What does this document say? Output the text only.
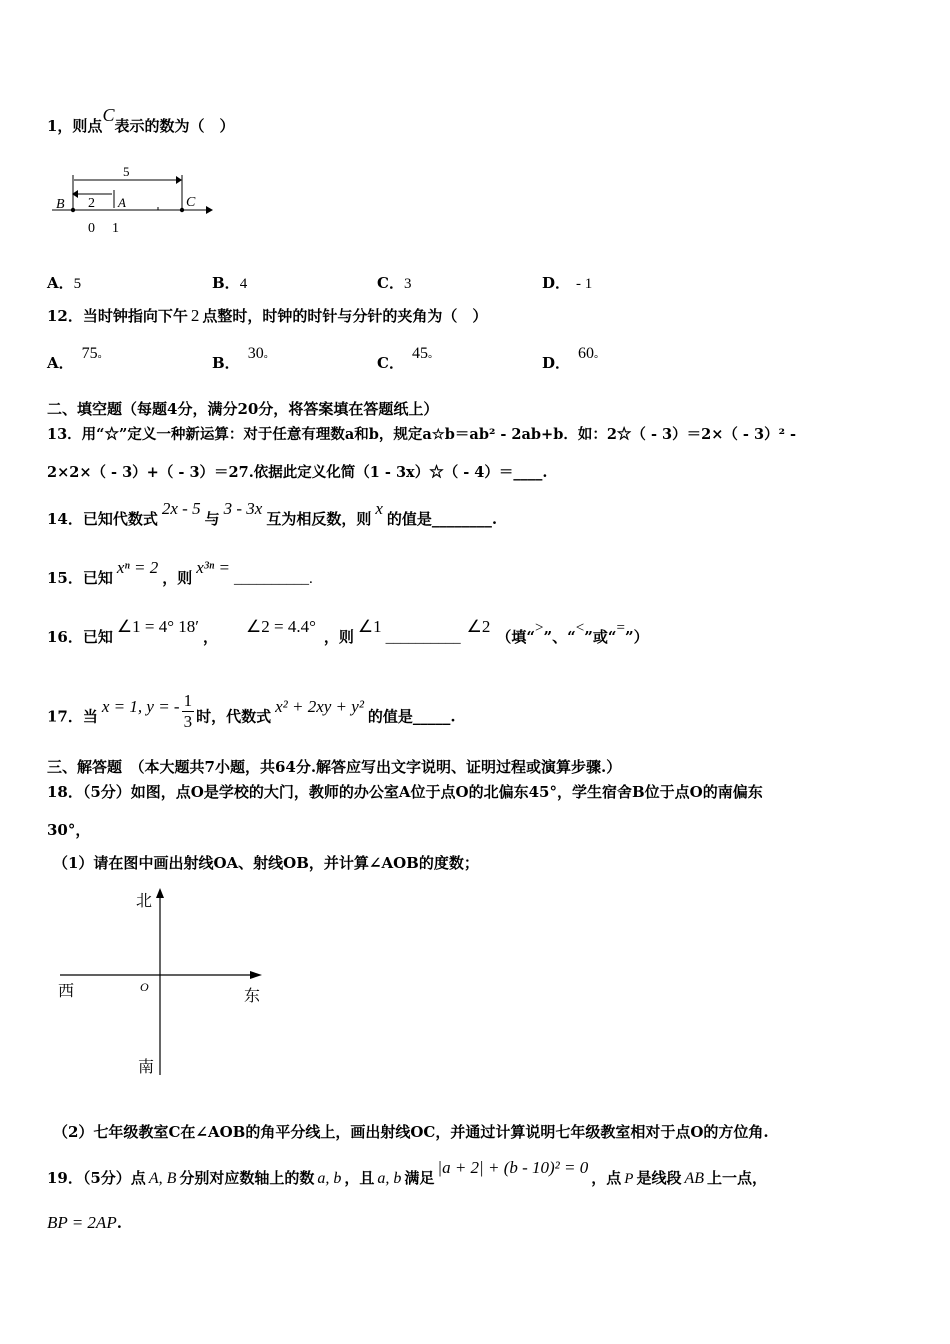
1，则点C表示的数为（　）
5
2
B	A	C
0 1
A．5	B．4	C．3	D． - 1
12．当时钟指向下午 2 点整时，时钟的时针与分针的夹角为（　）
A．75°	B．30°	C．45°	D．60°
二、填空题（每题4分，满分20分，将答案填在答题纸上）
13．用“☆”定义一种新运算：对于任意有理数a和b，规定a☆b＝ab² - 2ab+b．如：2☆（ - 3）＝2×（ - 3）² -
2×2×（ - 3）+（ - 3）＝27.依据此定义化简（1 - 3x）☆（ - 4）＝____.
14．已知代数式2x - 5与3 - 3x互为相反数，则x的值是________.
15．已知xⁿ = 2，则x³ⁿ =__________.
16．已知∠1 = 4° 18′，∠2 = 4.4°，则∠1__________∠2（填“>”、“<”或“=”）
17．当x = 1, y = - $\frac{1}{3}$ 时，代数式x² + 2xy + y²的值是_____.
三、解答题　（本大题共7小题，共64分.解答应写出文字说明、证明过程或演算步骤.）
18．（5分）如图，点O是学校的大门，教师的办公室A位于点O的北偏东45°，学生宿舍B位于点O的南偏东
30°，
（1）请在图中画出射线OA、射线OB，并计算∠AOB的度数；
北
南
东
西	O
（2）七年级教室C在∠AOB的角平分线上，画出射线OC，并通过计算说明七年级教室相对于点O的方位角.
19．（5分）点 A, B 分别对应数轴上的数 a, b ，且 a, b 满足|a + 2| + (b - 10)² = 0，点 P 是线段 AB 上一点，
BP = 2AP.
